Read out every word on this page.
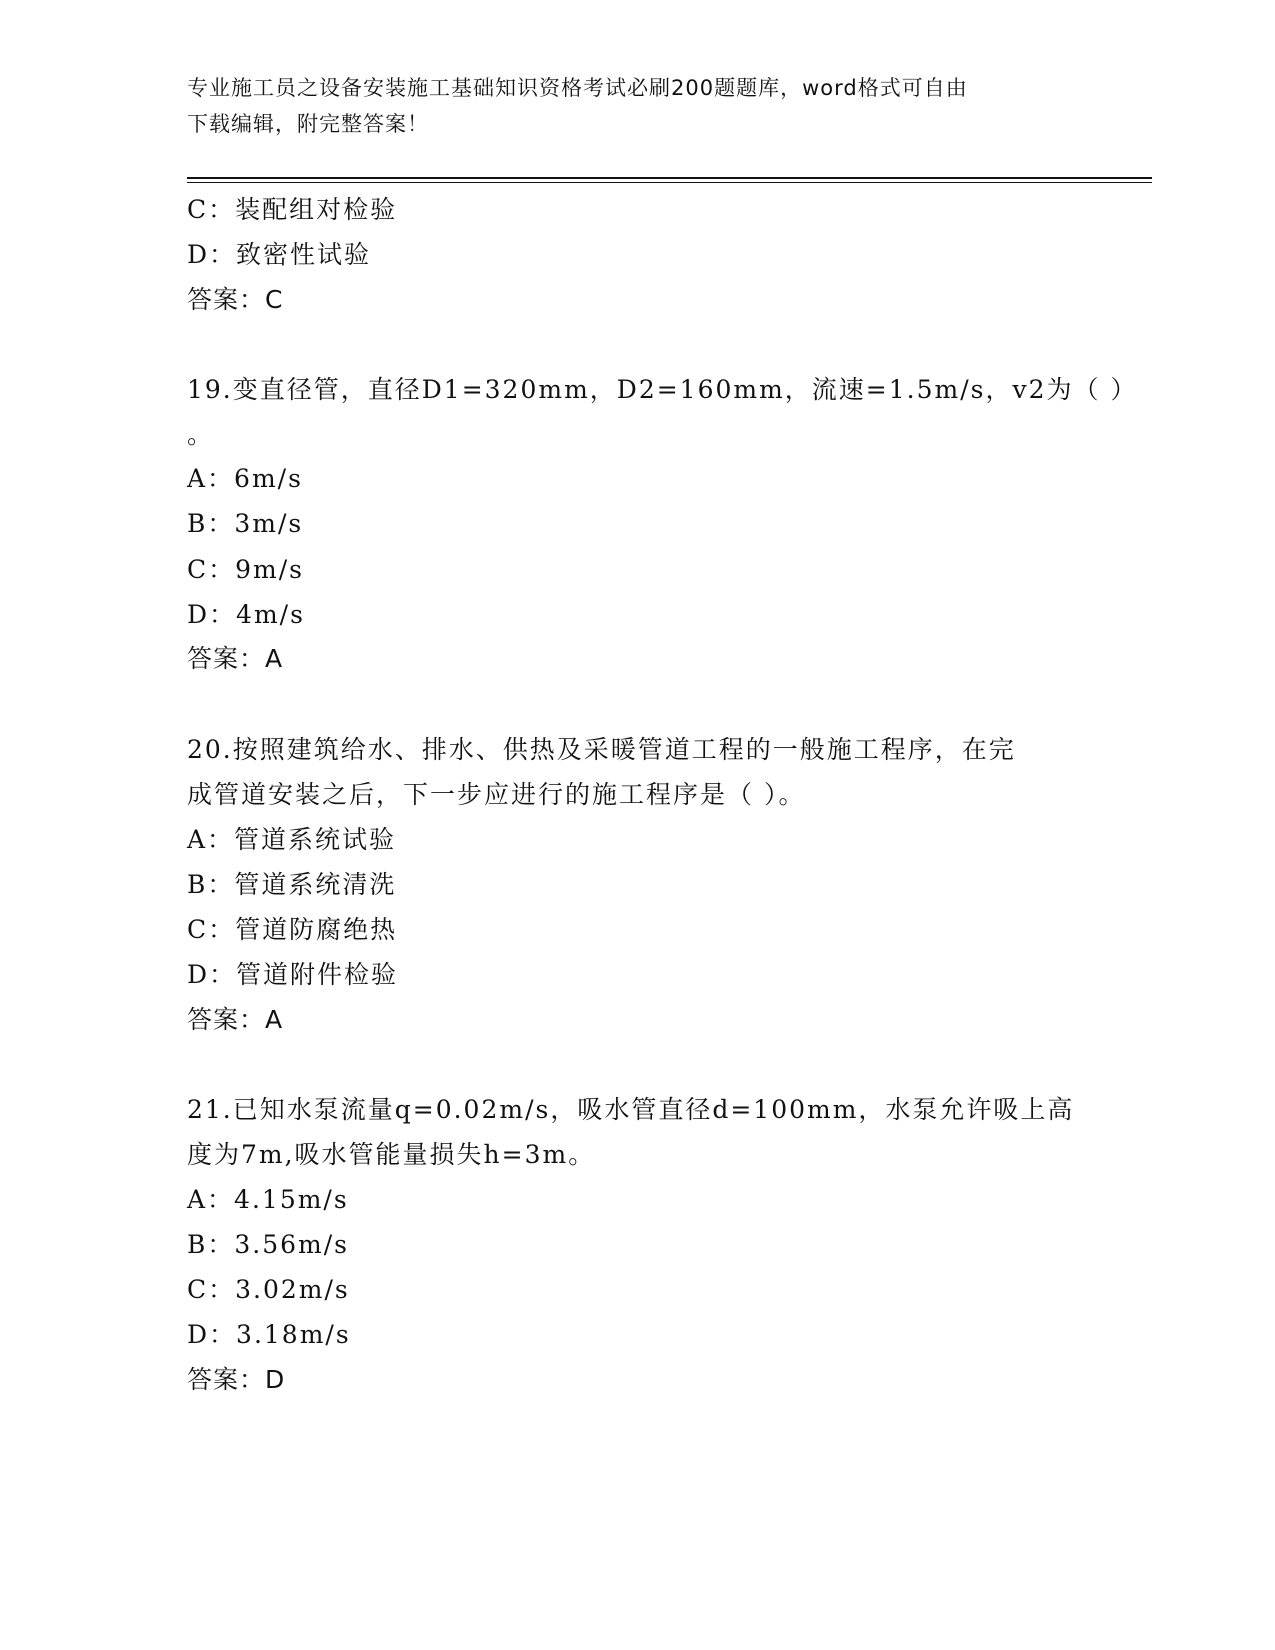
专业施工员之设备安装施工基础知识资格考试必刷200题题库，word格式可自由
下载编辑，附完整答案！
C：装配组对检验
D：致密性试验
答案：C
19.变直径管，直径D1=320mm，D2=160mm，流速=1.5m/s，v2为（ ）
。
A：6m/s
B：3m/s
C：9m/s
D：4m/s
答案：A
20.按照建筑给水、排水、供热及采暖管道工程的一般施工程序，在完
成管道安装之后，下一步应进行的施工程序是（ ）。
A：管道系统试验
B：管道系统清洗
C：管道防腐绝热
D：管道附件检验
答案：A
21.已知水泵流量q=0.02m/s，吸水管直径d=100mm，水泵允许吸上高
度为7m,吸水管能量损失h=3m。
A：4.15m/s
B：3.56m/s
C：3.02m/s
D：3.18m/s
答案：D
